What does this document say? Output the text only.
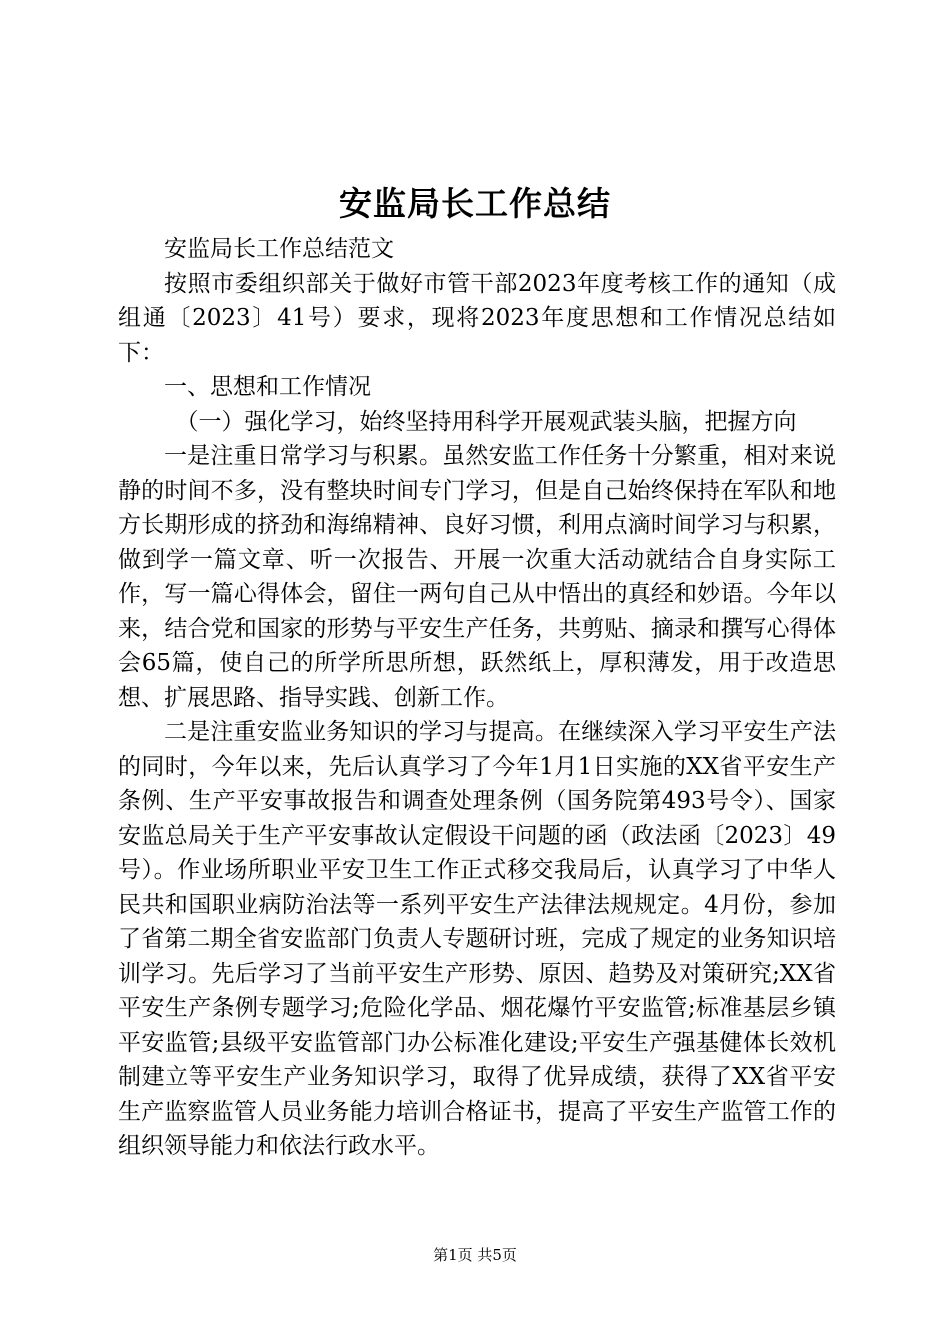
安监局长工作总结

安监局长工作总结范文

按照市委组织部关于做好市管干部2023年度考核工作的通知（成组通〔2023〕41号）要求，现将2023年度思想和工作情况总结如下：

一、思想和工作情况

（一）强化学习，始终坚持用科学开展观武装头脑，把握方向

一是注重日常学习与积累。虽然安监工作任务十分繁重，相对来说静的时间不多，没有整块时间专门学习，但是自己始终保持在军队和地方长期形成的挤劲和海绵精神、良好习惯，利用点滴时间学习与积累，做到学一篇文章、听一次报告、开展一次重大活动就结合自身实际工作，写一篇心得体会，留住一两句自己从中悟出的真经和妙语。今年以来，结合党和国家的形势与平安生产任务，共剪贴、摘录和撰写心得体会65篇，使自己的所学所思所想，跃然纸上，厚积薄发，用于改造思想、扩展思路、指导实践、创新工作。

二是注重安监业务知识的学习与提高。在继续深入学习平安生产法的同时，今年以来，先后认真学习了今年1月1日实施的XX省平安生产条例、生产平安事故报告和调查处理条例（国务院第493号令）、国家安监总局关于生产平安事故认定假设干问题的函（政法函〔2023〕49号）。作业场所职业平安卫生工作正式移交我局后，认真学习了中华人民共和国职业病防治法等一系列平安生产法律法规规定。4月份，参加了省第二期全省安监部门负责人专题研讨班，完成了规定的业务知识培训学习。先后学习了当前平安生产形势、原因、趋势及对策研究;XX省平安生产条例专题学习;危险化学品、烟花爆竹平安监管;标准基层乡镇平安监管;县级平安监管部门办公标准化建设;平安生产强基健体长效机制建立等平安生产业务知识学习，取得了优异成绩，获得了XX省平安生产监察监管人员业务能力培训合格证书，提高了平安生产监管工作的组织领导能力和依法行政水平。

第1页 共5页
